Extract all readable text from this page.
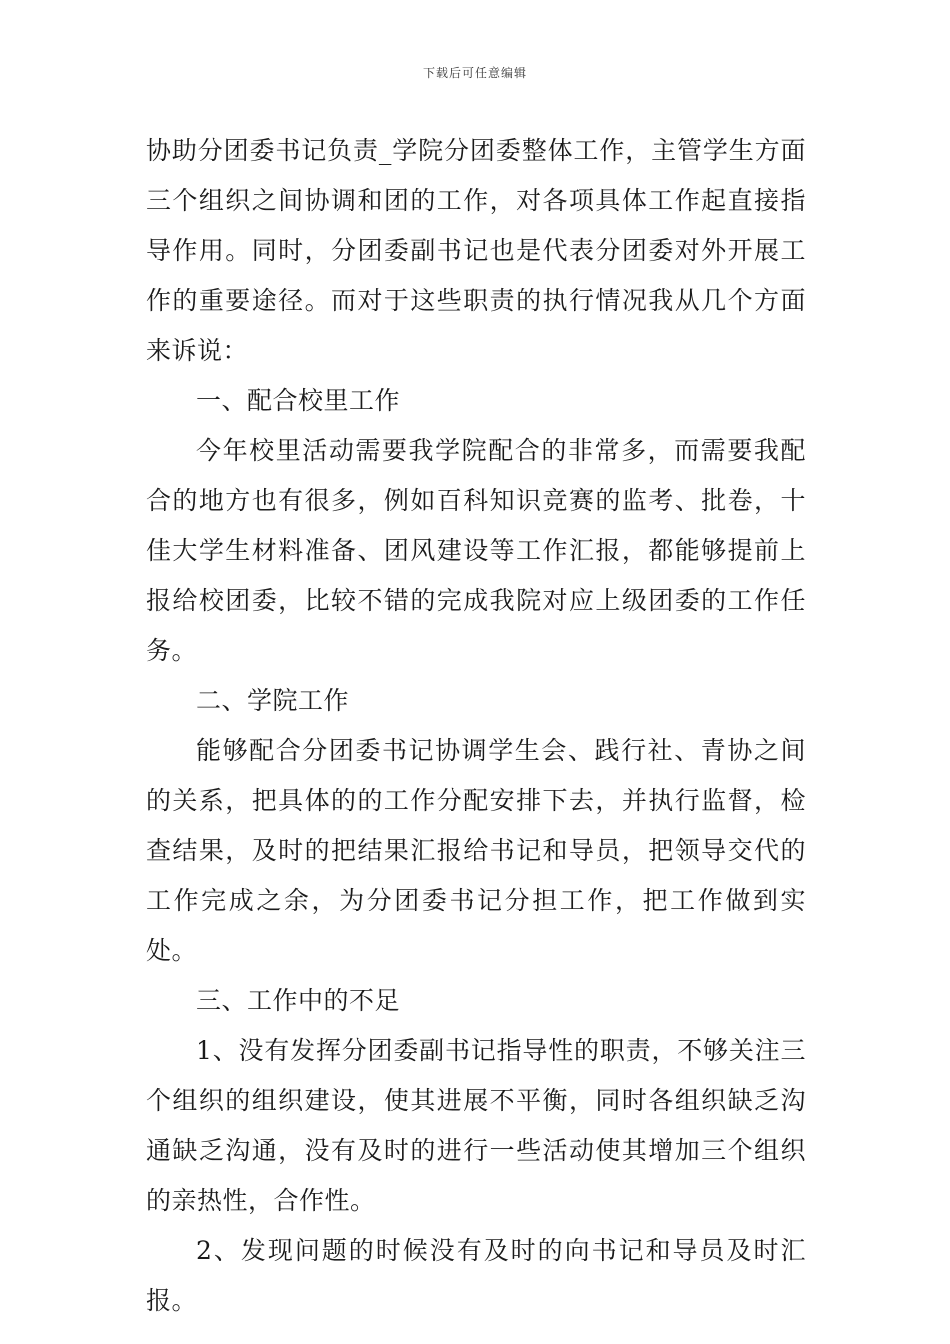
下载后可任意编辑

协助分团委书记负责_学院分团委整体工作，主管学生方面三个组织之间协调和团的工作，对各项具体工作起直接指导作用。同时，分团委副书记也是代表分团委对外开展工作的重要途径。而对于这些职责的执行情况我从几个方面来诉说：

一、配合校里工作

今年校里活动需要我学院配合的非常多，而需要我配合的地方也有很多，例如百科知识竞赛的监考、批卷，十佳大学生材料准备、团风建设等工作汇报，都能够提前上报给校团委，比较不错的完成我院对应上级团委的工作任务。

二、学院工作

能够配合分团委书记协调学生会、践行社、青协之间的关系，把具体的的工作分配安排下去，并执行监督，检查结果，及时的把结果汇报给书记和导员，把领导交代的工作完成之余，为分团委书记分担工作，把工作做到实处。

三、工作中的不足

1、没有发挥分团委副书记指导性的职责，不够关注三个组织的组织建设，使其进展不平衡，同时各组织缺乏沟通缺乏沟通，没有及时的进行一些活动使其增加三个组织的亲热性，合作性。

2、发现问题的时候没有及时的向书记和导员及时汇报。
